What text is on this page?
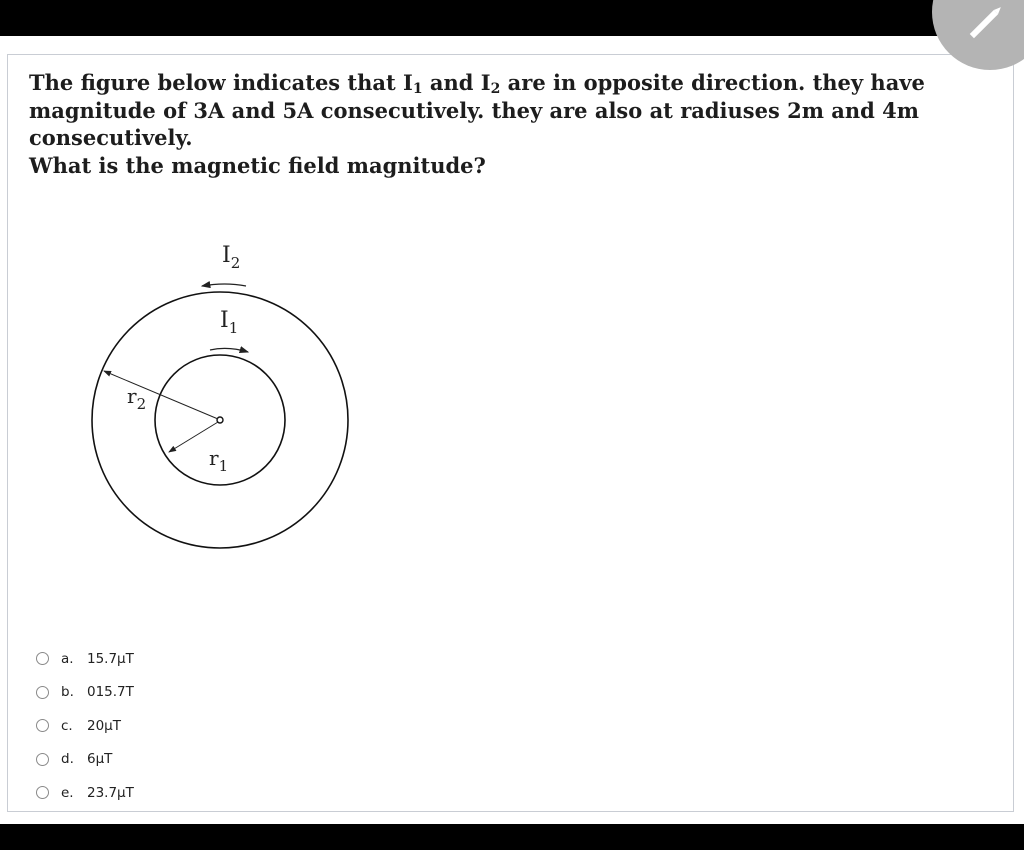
The figure below indicates that $I_1$ and $I_2$ are in opposite direction. they have

magnitude of 3A and 5A consecutively. they are also at radiuses 2m and 4m

consecutively.

What is the magnetic field magnitude?

$I_2$
$I_1$
$r_2$
$r_1$
a. 15.7μT
b. 015.7T
c.	20μT
d. 6μT
e. 23.7μT
